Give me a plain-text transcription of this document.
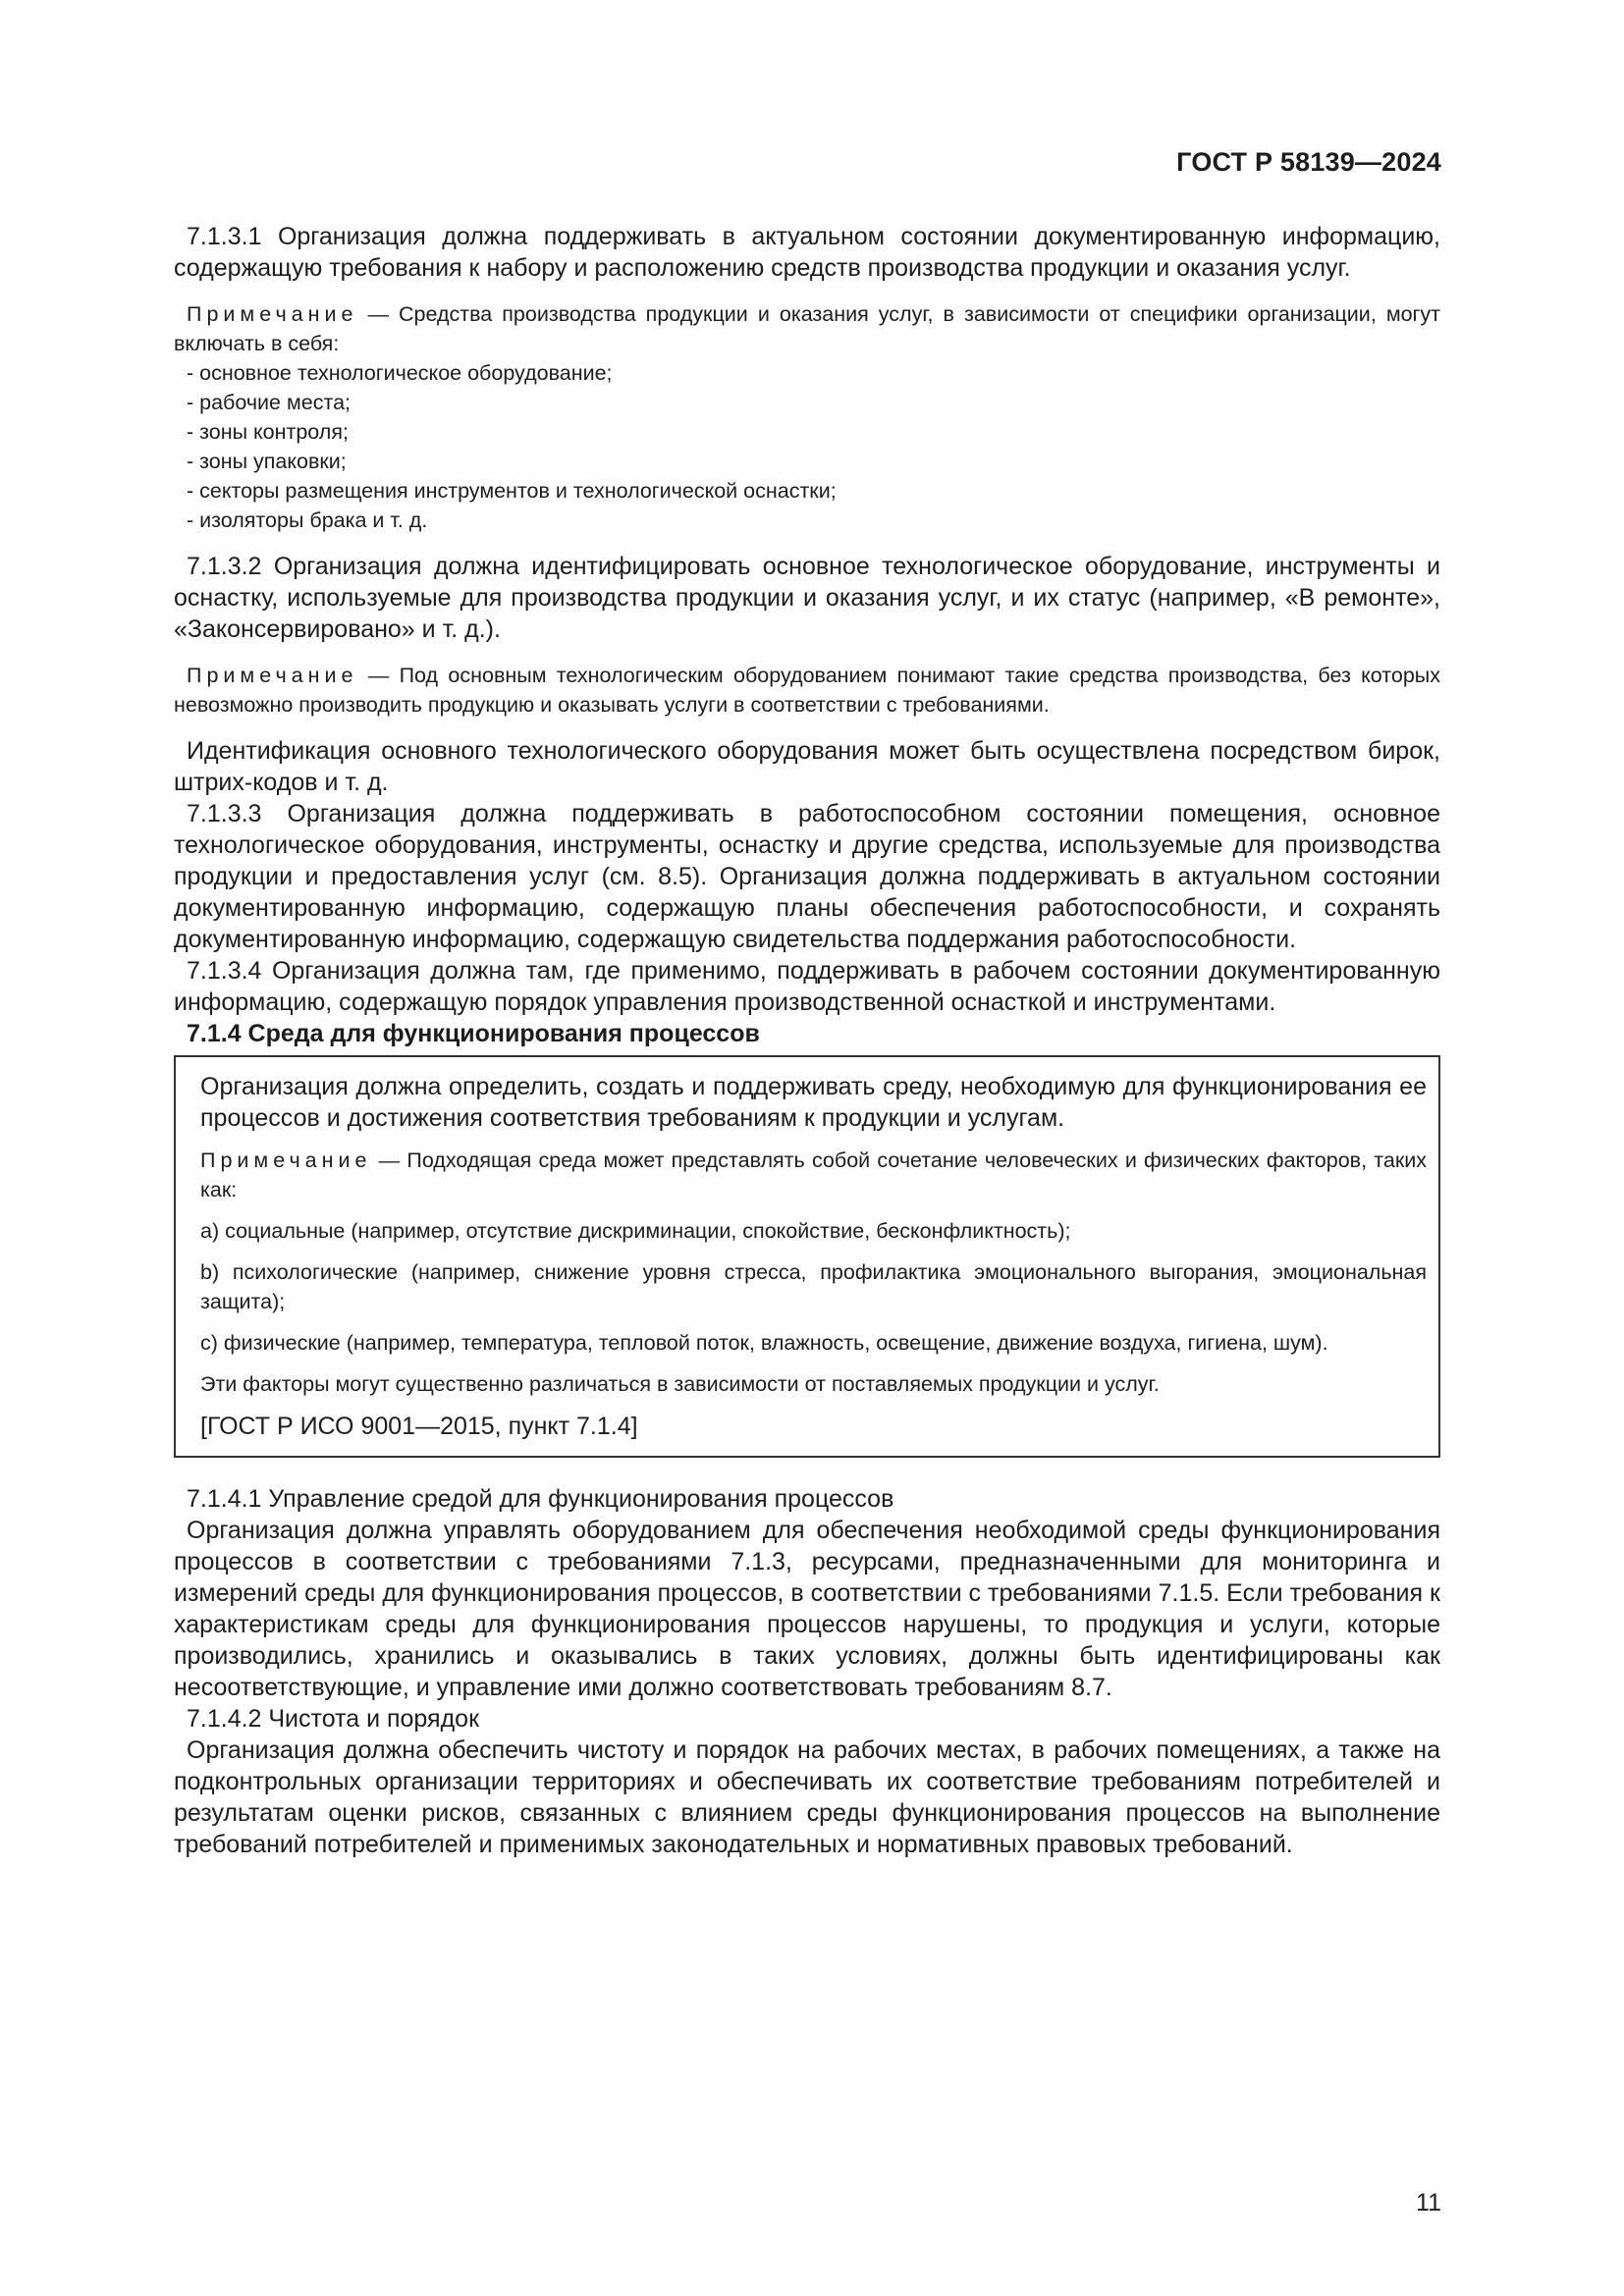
ГОСТ Р 58139—2024

7.1.3.1 Организация должна поддерживать в актуальном состоянии документированную информацию, содержащую требования к набору и расположению средств производства продукции и оказания услуг.

Примечание — Средства производства продукции и оказания услуг, в зависимости от специфики организации, могут включать в себя:

- основное технологическое оборудование;
- рабочие места;
- зоны контроля;
- зоны упаковки;
- секторы размещения инструментов и технологической оснастки;
- изоляторы брака и т. д.

7.1.3.2 Организация должна идентифицировать основное технологическое оборудование, инструменты и оснастку, используемые для производства продукции и оказания услуг, и их статус (например, «В ремонте», «Законсервировано» и т. д.).

Примечание — Под основным технологическим оборудованием понимают такие средства производства, без которых невозможно производить продукцию и оказывать услуги в соответствии с требованиями.

Идентификация основного технологического оборудования может быть осуществлена посредством бирок, штрих-кодов и т. д.

7.1.3.3 Организация должна поддерживать в работоспособном состоянии помещения, основное технологическое оборудования, инструменты, оснастку и другие средства, используемые для производства продукции и предоставления услуг (см. 8.5). Организация должна поддерживать в актуальном состоянии документированную информацию, содержащую планы обеспечения работоспособности, и сохранять документированную информацию, содержащую свидетельства поддержания работоспособности.

7.1.3.4 Организация должна там, где применимо, поддерживать в рабочем состоянии документированную информацию, содержащую порядок управления производственной оснасткой и инструментами.

7.1.4 Среда для функционирования процессов

Организация должна определить, создать и поддерживать среду, необходимую для функционирования ее процессов и достижения соответствия требованиям к продукции и услугам.

Примечание — Подходящая среда может представлять собой сочетание человеческих и физических факторов, таких как:

a) социальные (например, отсутствие дискриминации, спокойствие, бесконфликтность);

b) психологические (например, снижение уровня стресса, профилактика эмоционального выгорания, эмоциональная защита);

c) физические (например, температура, тепловой поток, влажность, освещение, движение воздуха, гигиена, шум).

Эти факторы могут существенно различаться в зависимости от поставляемых продукции и услуг.

[ГОСТ Р ИСО 9001—2015, пункт 7.1.4]

7.1.4.1 Управление средой для функционирования процессов

Организация должна управлять оборудованием для обеспечения необходимой среды функционирования процессов в соответствии с требованиями 7.1.3, ресурсами, предназначенными для мониторинга и измерений среды для функционирования процессов, в соответствии с требованиями 7.1.5. Если требования к характеристикам среды для функционирования процессов нарушены, то продукция и услуги, которые производились, хранились и оказывались в таких условиях, должны быть идентифицированы как несоответствующие, и управление ими должно соответствовать требованиям 8.7.

7.1.4.2 Чистота и порядок

Организация должна обеспечить чистоту и порядок на рабочих местах, в рабочих помещениях, а также на подконтрольных организации территориях и обеспечивать их соответствие требованиям потребителей и результатам оценки рисков, связанных с влиянием среды функционирования процессов на выполнение требований потребителей и применимых законодательных и нормативных правовых требований.

11
